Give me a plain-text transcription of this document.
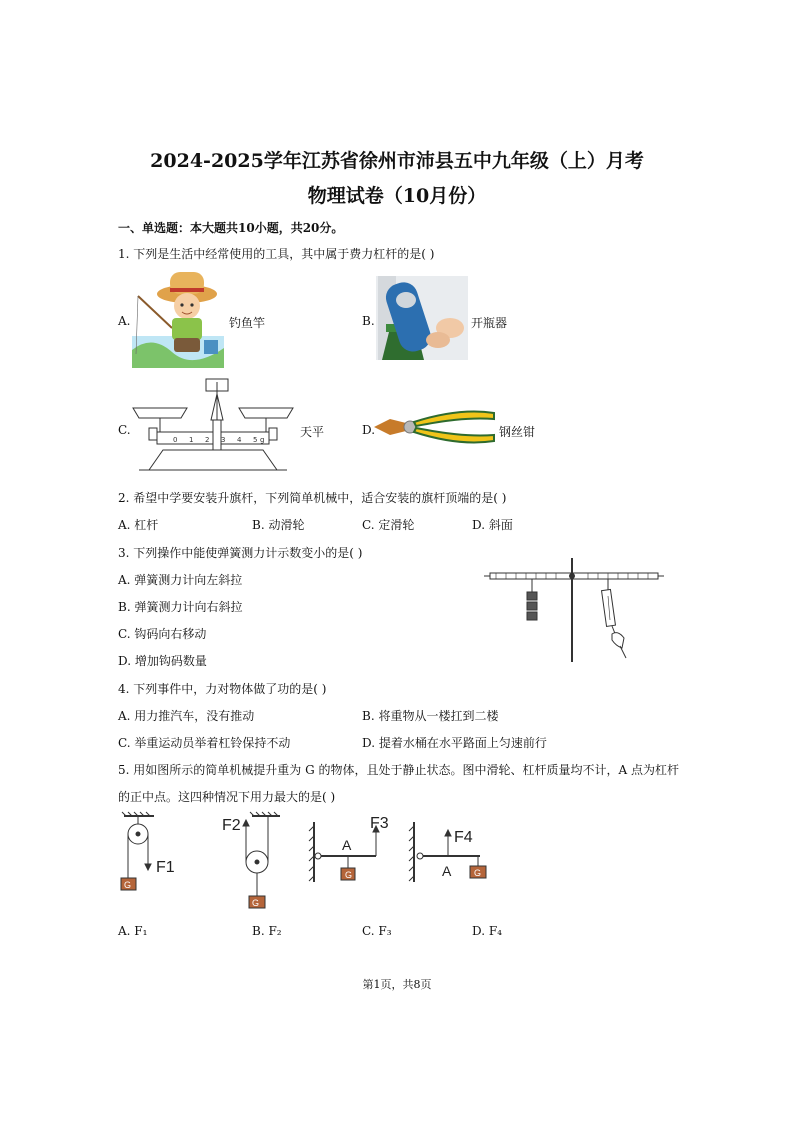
2024-2025学年江苏省徐州市沛县五中九年级（上）月考
物理试卷（10月份）
一、单选题：本大题共10小题，共20分。
1. 下列是生活中经常使用的工具，其中属于费力杠杆的是( )
A.	钓鱼竿	B.	开瓶器
C.
0 1 2 3 4 5 g
天平	D.	钢丝钳
2. 希望中学要安装升旗杆，下列简单机械中，适合安装的旗杆顶端的是( )
A. 杠杆	B. 动滑轮	C. 定滑轮	D. 斜面
3. 下列操作中能使弹簧测力计示数变小的是( )
A. 弹簧测力计向左斜拉
B. 弹簧测力计向右斜拉
C. 钩码向右移动
D. 增加钩码数量
4. 下列事件中，力对物体做了功的是( )
A. 用力推汽车，没有推动	B. 将重物从一楼扛到二楼
C. 举重运动员举着杠铃保持不动	D. 提着水桶在水平路面上匀速前行
5. 用如图所示的简单机械提升重为 G 的物体，且处于静止状态。图中滑轮、杠杆质量均不计，A 点为杠杆
的正中点。这四种情况下用力最大的是( )
G
F1
G
F2
G
A
F3
G
A
F4
A. F₁	B. F₂	C. F₃	D. F₄
第1页，共8页
